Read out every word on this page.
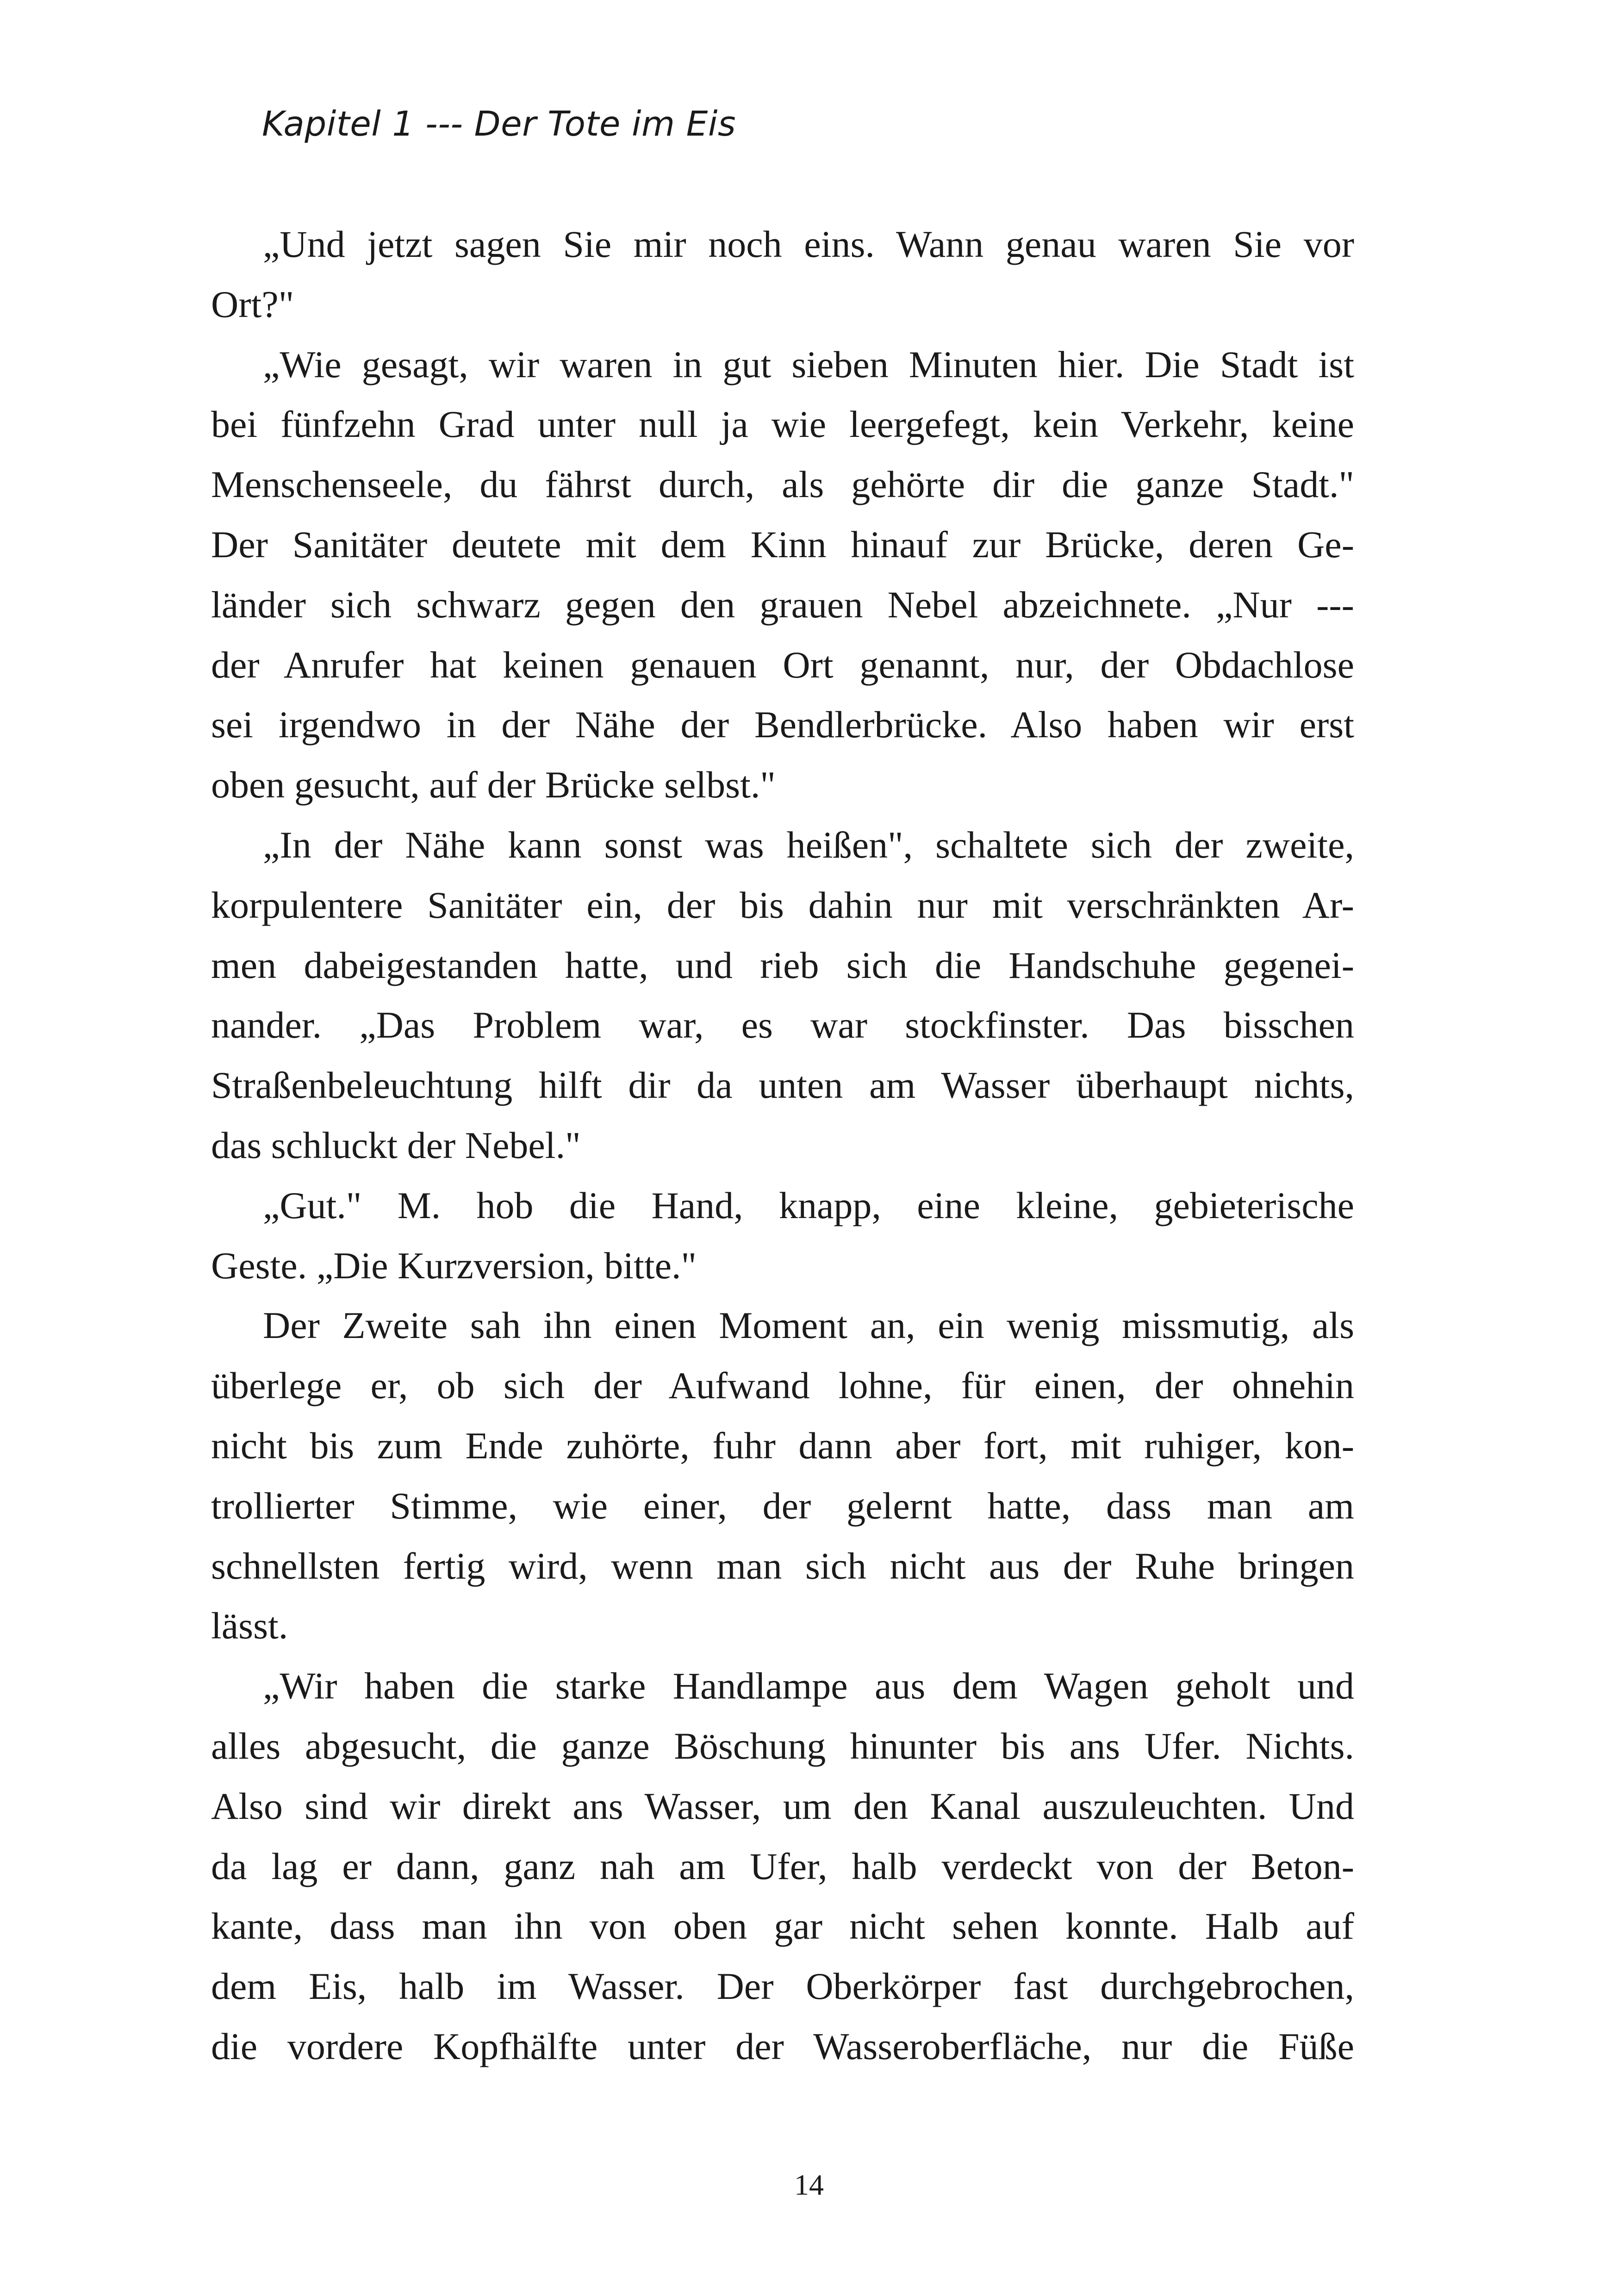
Kapitel 1 --- Der Tote im Eis

„Und jetzt sagen Sie mir noch eins. Wann genau waren Sie vor
Ort?"

„Wie gesagt, wir waren in gut sieben Minuten hier. Die Stadt ist
bei fünfzehn Grad unter null ja wie leergefegt, kein Verkehr, keine
Menschenseele, du fährst durch, als gehörte dir die ganze Stadt."
Der Sanitäter deutete mit dem Kinn hinauf zur Brücke, deren Ge-
länder sich schwarz gegen den grauen Nebel abzeichnete. „Nur ---
der Anrufer hat keinen genauen Ort genannt, nur, der Obdachlose
sei irgendwo in der Nähe der Bendlerbrücke. Also haben wir erst
oben gesucht, auf der Brücke selbst."

„In der Nähe kann sonst was heißen", schaltete sich der zweite,
korpulentere Sanitäter ein, der bis dahin nur mit verschränkten Ar-
men dabeigestanden hatte, und rieb sich die Handschuhe gegenei-
nander. „Das Problem war, es war stockfinster. Das bisschen
Straßenbeleuchtung hilft dir da unten am Wasser überhaupt nichts,
das schluckt der Nebel."

„Gut." M. hob die Hand, knapp, eine kleine, gebieterische
Geste. „Die Kurzversion, bitte."

Der Zweite sah ihn einen Moment an, ein wenig missmutig, als
überlege er, ob sich der Aufwand lohne, für einen, der ohnehin
nicht bis zum Ende zuhörte, fuhr dann aber fort, mit ruhiger, kon-
trollierter Stimme, wie einer, der gelernt hatte, dass man am
schnellsten fertig wird, wenn man sich nicht aus der Ruhe bringen
lässt.

„Wir haben die starke Handlampe aus dem Wagen geholt und
alles abgesucht, die ganze Böschung hinunter bis ans Ufer. Nichts.
Also sind wir direkt ans Wasser, um den Kanal auszuleuchten. Und
da lag er dann, ganz nah am Ufer, halb verdeckt von der Beton-
kante, dass man ihn von oben gar nicht sehen konnte. Halb auf
dem Eis, halb im Wasser. Der Oberkörper fast durchgebrochen,
die vordere Kopfhälfte unter der Wasseroberfläche, nur die Füße

14
